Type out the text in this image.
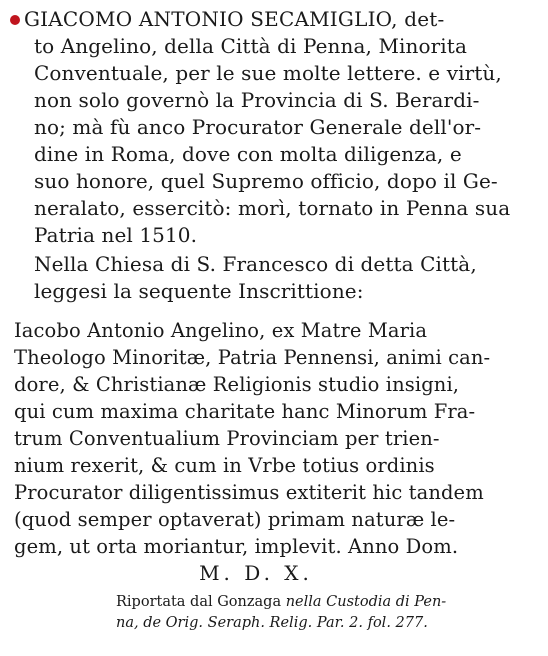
GIACOMO ANTONIO SECAMIGLIO, det-
to Angelino, della Città di Penna, Minorita
Conventuale, per le sue molte lettere. e virtù,
non solo governò la Provincia di S. Berardi-
no; mà fù anco Procurator Generale dell'or-
dine in Roma, dove con molta diligenza, e
suo honore, quel Supremo officio, dopo il Ge-
neralato, essercitò: morì, tornato in Penna sua
Patria nel 1510.
Nella Chiesa di S. Francesco di detta Città,
leggesi la sequente Inscrittione:
Iacobo Antonio Angelino, ex Matre Maria
Theologo Minoritæ, Patria Pennensi, animi can-
dore, & Christianæ Religionis studio insigni,
qui cum maxima charitate hanc Minorum Fra-
trum Conventualium Provinciam per trien-
nium rexerit, & cum in Vrbe totius ordinis
Procurator diligentissimus extiterit hic tandem
(quod semper optaverat) primam naturæ le-
gem, ut orta moriantur, implevit. Anno Dom.
M. D. X.
Riportata dal Gonzaga nella Custodia di Pen-
na, de Orig. Seraph. Relig. Par. 2. fol. 277.
